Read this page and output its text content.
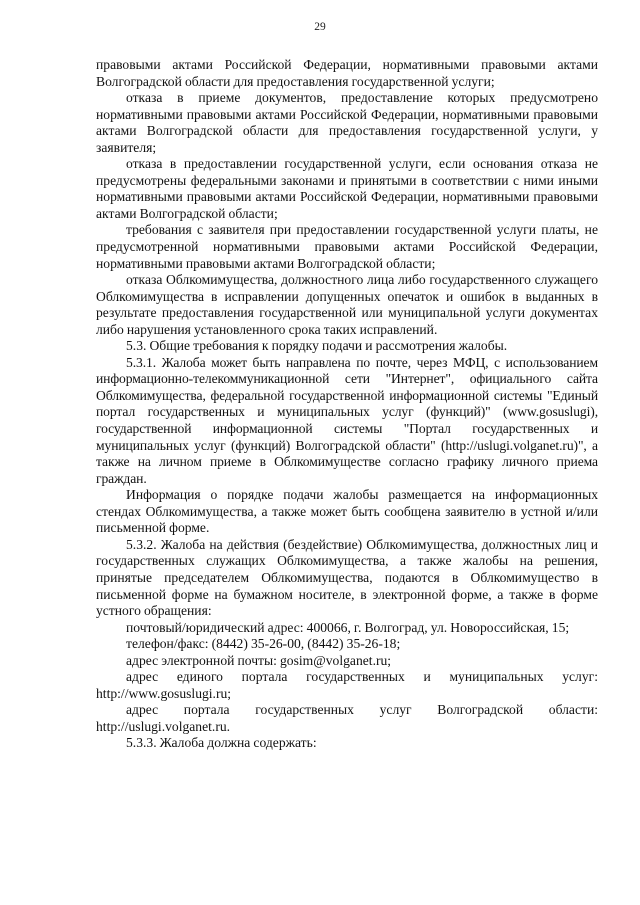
29

правовыми актами Российской Федерации, нормативными правовыми актами Волгоградской области для предоставления государственной услуги;

отказа в приеме документов, предоставление которых предусмотрено нормативными правовыми актами Российской Федерации, нормативными правовыми актами Волгоградской области для предоставления государственной услуги, у заявителя;

отказа в предоставлении государственной услуги, если основания отказа не предусмотрены федеральными законами и принятыми в соответствии с ними иными нормативными правовыми актами Российской Федерации, нормативными правовыми актами Волгоградской области;

требования с заявителя при предоставлении государственной услуги платы, не предусмотренной нормативными правовыми актами Российской Федерации, нормативными правовыми актами Волгоградской области;

отказа Облкомимущества, должностного лица либо государственного служащего Облкомимущества в исправлении допущенных опечаток и ошибок в выданных в результате предоставления государственной или муниципальной услуги документах либо нарушения установленного срока таких исправлений.

5.3. Общие требования к порядку подачи и рассмотрения жалобы.

5.3.1. Жалоба может быть направлена по почте, через МФЦ, с использованием информационно-телекоммуникационной сети "Интернет", официального сайта Облкомимущества, федеральной государственной информационной системы "Единый портал государственных и муниципальных услуг (функций)" (www.gosuslugi), государственной информационной системы "Портал государственных и муниципальных услуг (функций) Волгоградской области" (http://uslugi.volganet.ru)", а также на личном приеме в Облкомимуществе согласно графику личного приема граждан.

Информация о порядке подачи жалобы размещается на информационных стендах Облкомимущества, а также может быть сообщена заявителю в устной и/или письменной форме.

5.3.2. Жалоба на действия (бездействие) Облкомимущества, должностных лиц и государственных служащих Облкомимущества, а также жалобы на решения, принятые председателем Облкомимущества, подаются в Облкомимущество в письменной форме на бумажном носителе, в электронной форме, а также в форме устного обращения:

почтовый/юридический адрес: 400066, г. Волгоград, ул. Новороссийская, 15;

телефон/факс: (8442) 35-26-00, (8442) 35-26-18;

адрес электронной почты: gosim@volganet.ru;

адрес единого портала государственных и муниципальных услуг: http://www.gosuslugi.ru;

адрес портала государственных услуг Волгоградской области: http://uslugi.volganet.ru.

5.3.3. Жалоба должна содержать:
